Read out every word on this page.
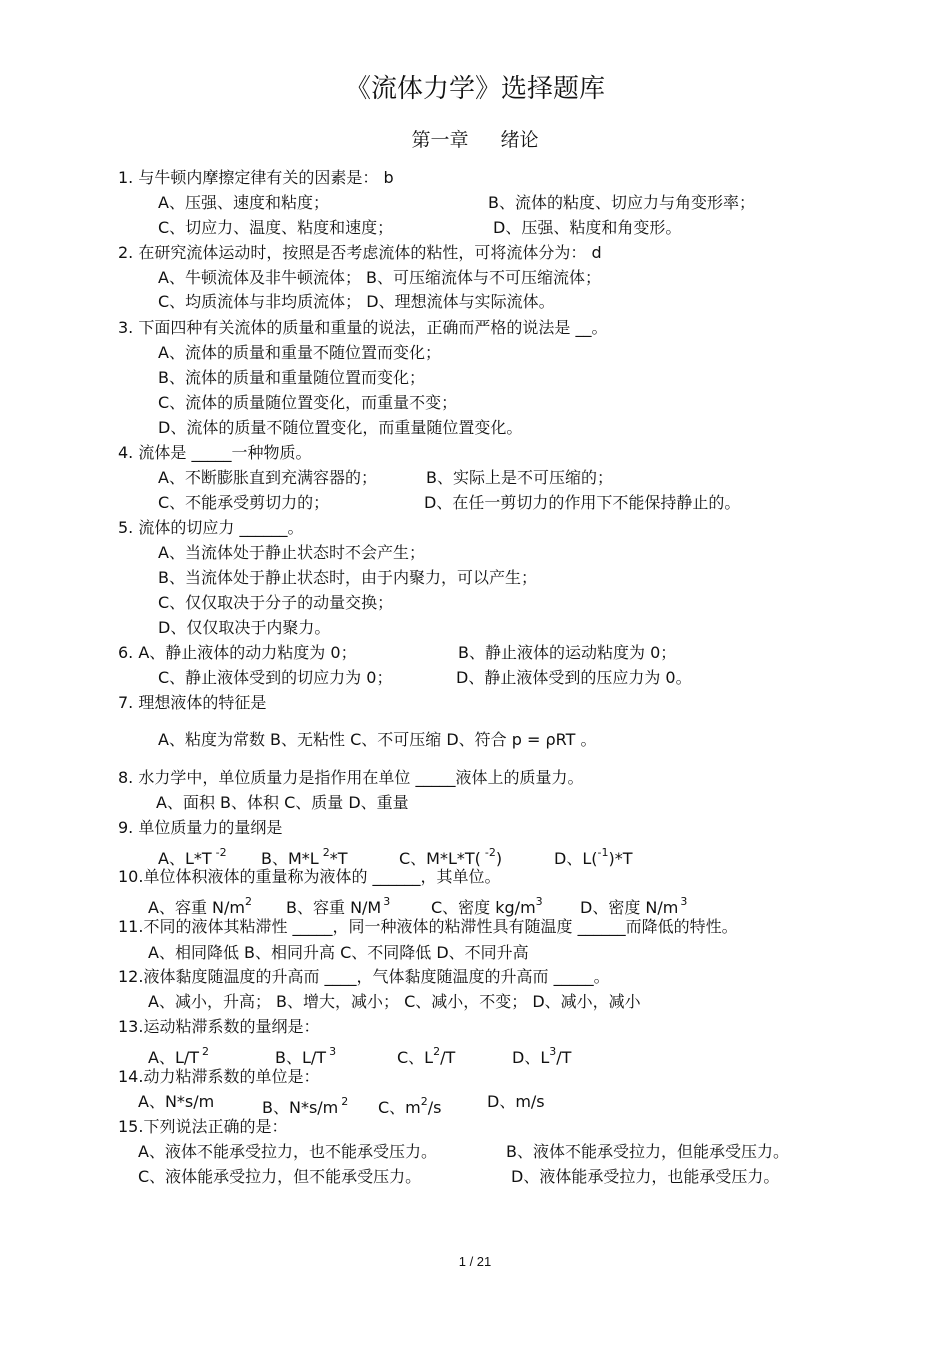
《流体力学》选择题库
第一章 绪论
1. 与牛顿内摩擦定律有关的因素是： b
A、压强、速度和粘度；	B、流体的粘度、切应力与角变形率；
C、切应力、温度、粘度和速度；	D、压强、粘度和角变形。
2. 在研究流体运动时，按照是否考虑流体的粘性，可将流体分为： d
A、牛顿流体及非牛顿流体； B、可压缩流体与不可压缩流体；
C、均质流体与非均质流体； D、理想流体与实际流体。
3. 下面四种有关流体的质量和重量的说法，正确而严格的说法是 __。
A、流体的质量和重量不随位置而变化；
B、流体的质量和重量随位置而变化；
C、流体的质量随位置变化，而重量不变；
D、流体的质量不随位置变化，而重量随位置变化。
4. 流体是 _____一种物质。
A、不断膨胀直到充满容器的；	B、实际上是不可压缩的；
C、不能承受剪切力的；	D、在任一剪切力的作用下不能保持静止的。
5. 流体的切应力 ______。
A、当流体处于静止状态时不会产生；
B、当流体处于静止状态时，由于内聚力，可以产生；
C、仅仅取决于分子的动量交换；
D、仅仅取决于内聚力。
6. A、静止液体的动力粘度为 0；	B、静止液体的运动粘度为 0；
C、静止液体受到的切应力为 0；	D、静止液体受到的压应力为 0。
7. 理想液体的特征是
A、粘度为常数 B、无粘性 C、不可压缩 D、符合 p = ρRT 。
8. 水力学中，单位质量力是指作用在单位 _____液体上的质量力。
A、面积 B、体积 C、质量 D、重量
9. 单位质量力的量纲是
A、L*T $^{-2}$ B、M*L $^2$*T	C、M*L*T( $^{-2}$)	D、L($^{-1}$)*T
10.单位体积液体的重量称为液体的 ______，其单位。
A、容重 $N/m^2$ B、容重 N/M $^3$	C、密度 $kg/m^3$ D、密度 N/m $^3$
11.不同的液体其粘滞性 _____，同一种液体的粘滞性具有随温度 ______而降低的特性。
A、相同降低 B、相同升高 C、不同降低 D、不同升高
12.液体黏度随温度的升高而 ____，气体黏度随温度的升高而 _____。
A、减小，升高； B、增大，减小； C、减小，不变； D、减小，减小
13.运动粘滞系数的量纲是：
A、L/T $^2$	B、L/T $^3$	C、$L^2/T$	D、$L^3/T$
14.动力粘滞系数的单位是：
A、N*s/m	B、N*s/m $^2$ C、$m^2/s$	D、m/s
15.下列说法正确的是：
A、液体不能承受拉力，也不能承受压力。	B、液体不能承受拉力，但能承受压力。
C、液体能承受拉力，但不能承受压力。	D、液体能承受拉力，也能承受压力。
1 / 21
